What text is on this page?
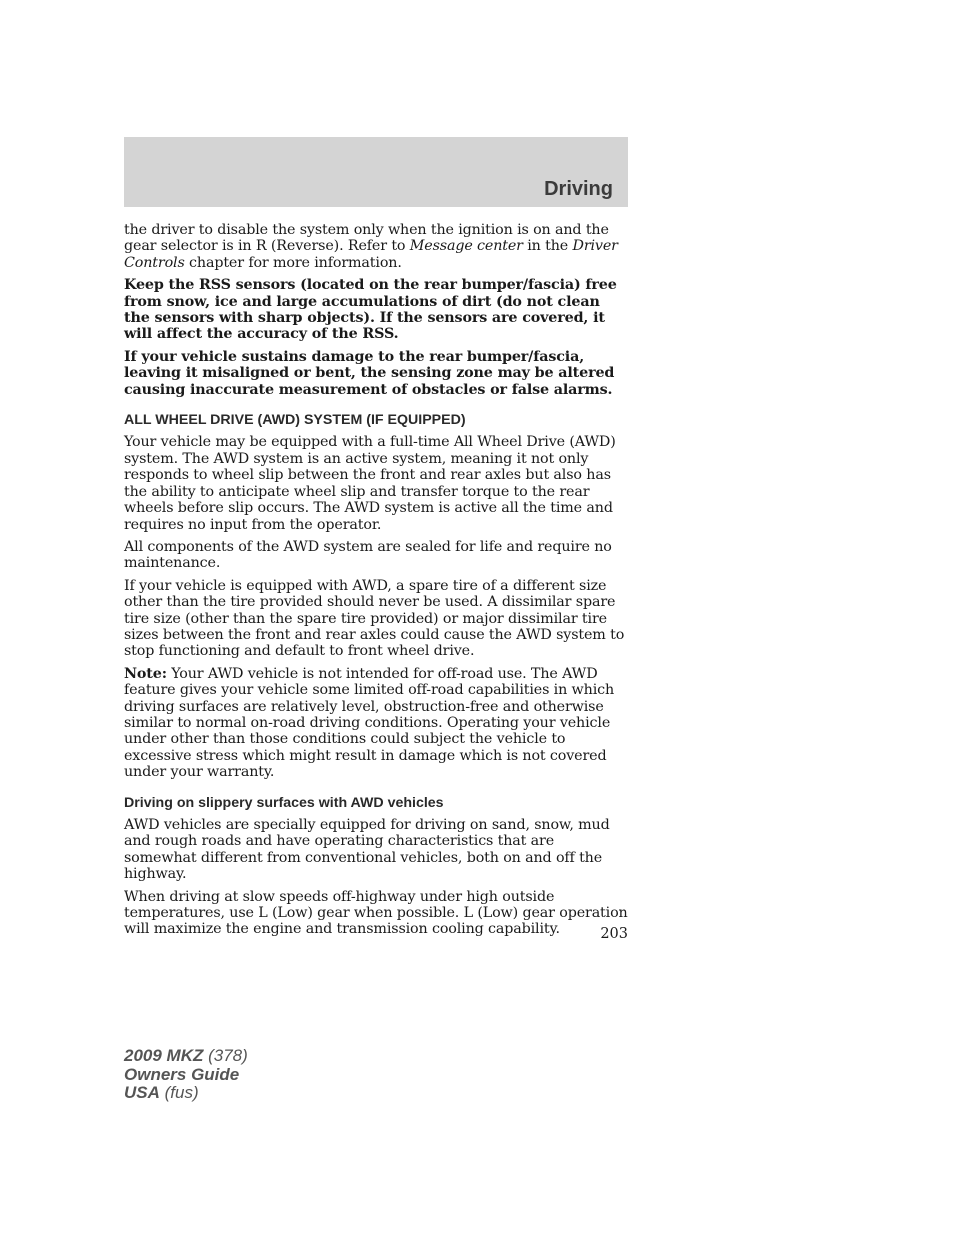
Driving

the driver to disable the system only when the ignition is on and the gear selector is in R (Reverse). Refer to Message center in the Driver Controls chapter for more information.

Keep the RSS sensors (located on the rear bumper/fascia) free from snow, ice and large accumulations of dirt (do not clean the sensors with sharp objects). If the sensors are covered, it will affect the accuracy of the RSS.

If your vehicle sustains damage to the rear bumper/fascia, leaving it misaligned or bent, the sensing zone may be altered causing inaccurate measurement of obstacles or false alarms.

ALL WHEEL DRIVE (AWD) SYSTEM (IF EQUIPPED)

Your vehicle may be equipped with a full-time All Wheel Drive (AWD) system. The AWD system is an active system, meaning it not only responds to wheel slip between the front and rear axles but also has the ability to anticipate wheel slip and transfer torque to the rear wheels before slip occurs. The AWD system is active all the time and requires no input from the operator.

All components of the AWD system are sealed for life and require no maintenance.

If your vehicle is equipped with AWD, a spare tire of a different size other than the tire provided should never be used. A dissimilar spare tire size (other than the spare tire provided) or major dissimilar tire sizes between the front and rear axles could cause the AWD system to stop functioning and default to front wheel drive.

Note: Your AWD vehicle is not intended for off-road use. The AWD feature gives your vehicle some limited off-road capabilities in which driving surfaces are relatively level, obstruction-free and otherwise similar to normal on-road driving conditions. Operating your vehicle under other than those conditions could subject the vehicle to excessive stress which might result in damage which is not covered under your warranty.

Driving on slippery surfaces with AWD vehicles

AWD vehicles are specially equipped for driving on sand, snow, mud and rough roads and have operating characteristics that are somewhat different from conventional vehicles, both on and off the highway.

When driving at slow speeds off-highway under high outside temperatures, use L (Low) gear when possible. L (Low) gear operation will maximize the engine and transmission cooling capability.	203
2009 MKZ (378)
Owners Guide
USA (fus)
